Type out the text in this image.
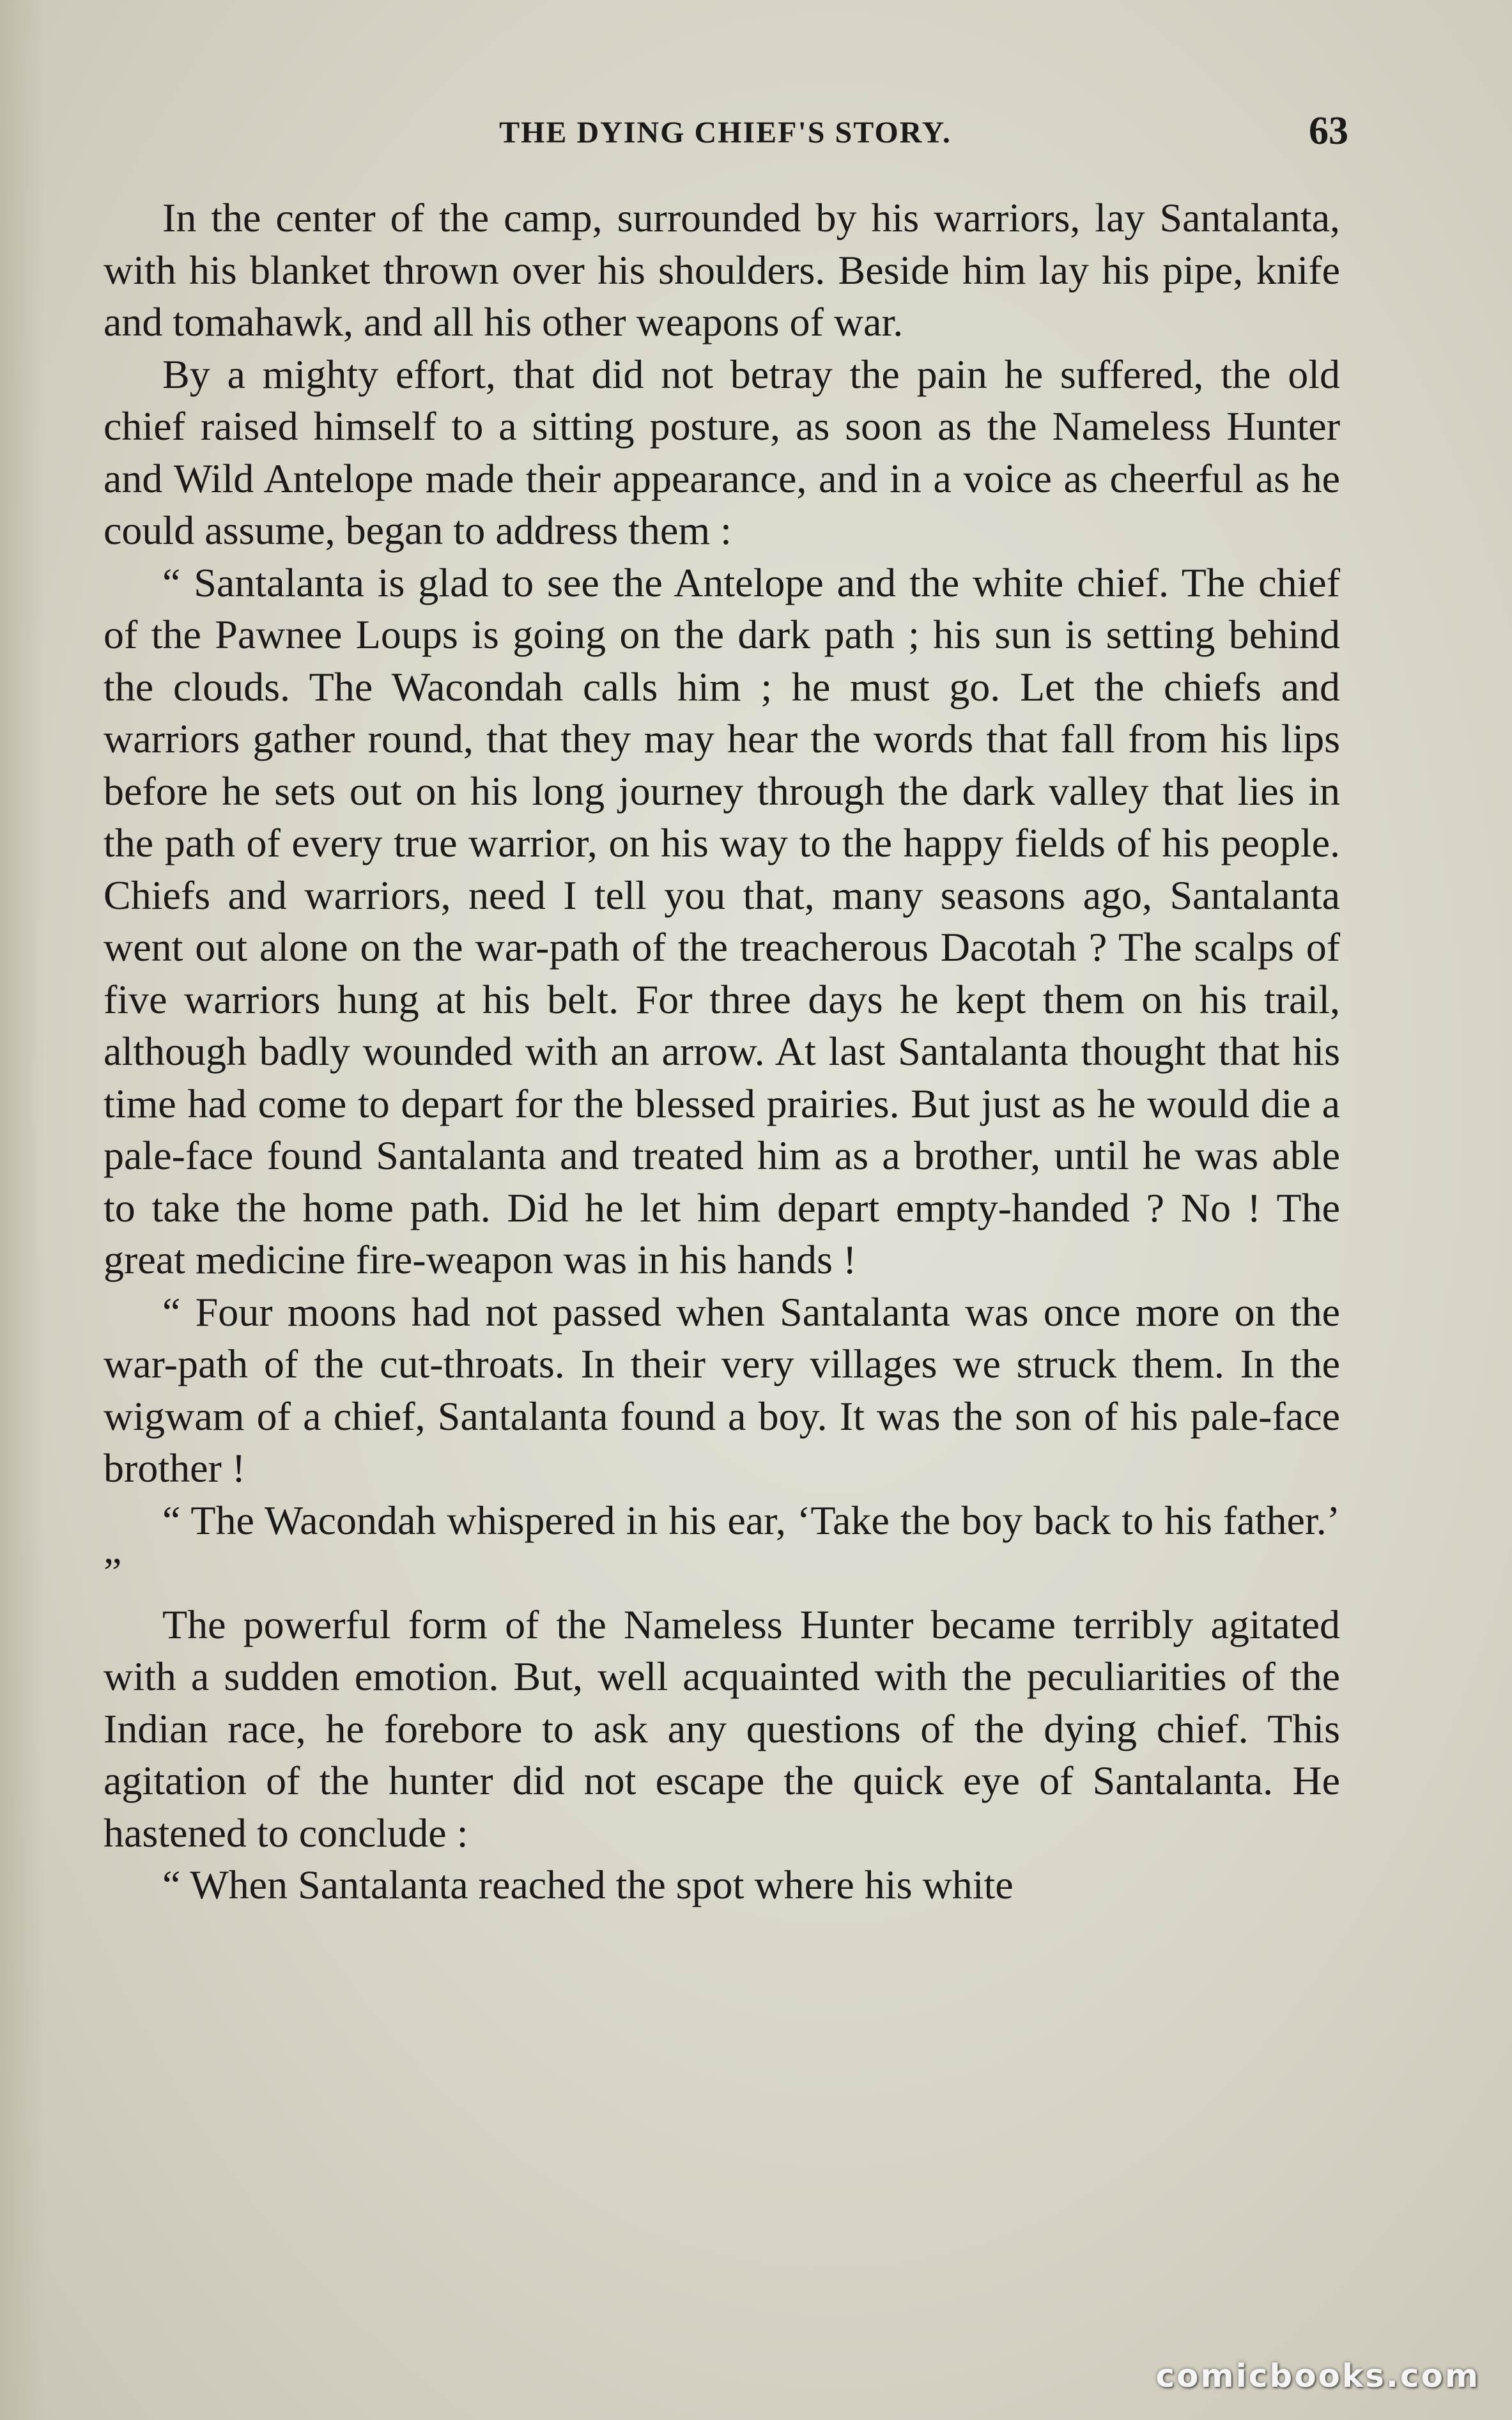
THE DYING CHIEF'S STORY.	63

In the center of the camp, surrounded by his warriors, lay Santalanta, with his blanket thrown over his shoulders. Beside him lay his pipe, knife and tomahawk, and all his other weapons of war.

By a mighty effort, that did not betray the pain he suffered, the old chief raised himself to a sitting posture, as soon as the Nameless Hunter and Wild Antelope made their appearance, and in a voice as cheerful as he could assume, began to address them :

“ Santalanta is glad to see the Antelope and the white chief. The chief of the Pawnee Loups is going on the dark path ; his sun is setting behind the clouds. The Wacondah calls him ; he must go. Let the chiefs and warriors gather round, that they may hear the words that fall from his lips before he sets out on his long journey through the dark valley that lies in the path of every true warrior, on his way to the happy fields of his people. Chiefs and warriors, need I tell you that, many seasons ago, Santalanta went out alone on the war-path of the treacherous Dacotah ? The scalps of five warriors hung at his belt. For three days he kept them on his trail, although badly wounded with an arrow. At last Santalanta thought that his time had come to depart for the blessed prairies. But just as he would die a pale-face found Santalanta and treated him as a brother, until he was able to take the home path. Did he let him depart empty-handed ? No ! The great medicine fire-weapon was in his hands !

“ Four moons had not passed when Santalanta was once more on the war-path of the cut-throats. In their very villages we struck them. In the wigwam of a chief, Santalanta found a boy. It was the son of his pale-face brother !

“ The Wacondah whispered in his ear, ‘Take the boy back to his father.’ ”

The powerful form of the Nameless Hunter became terribly agitated with a sudden emotion. But, well acquainted with the peculiarities of the Indian race, he forebore to ask any questions of the dying chief. This agitation of the hunter did not escape the quick eye of Santalanta. He hastened to conclude :

“ When Santalanta reached the spot where his white

comicbooks.com
